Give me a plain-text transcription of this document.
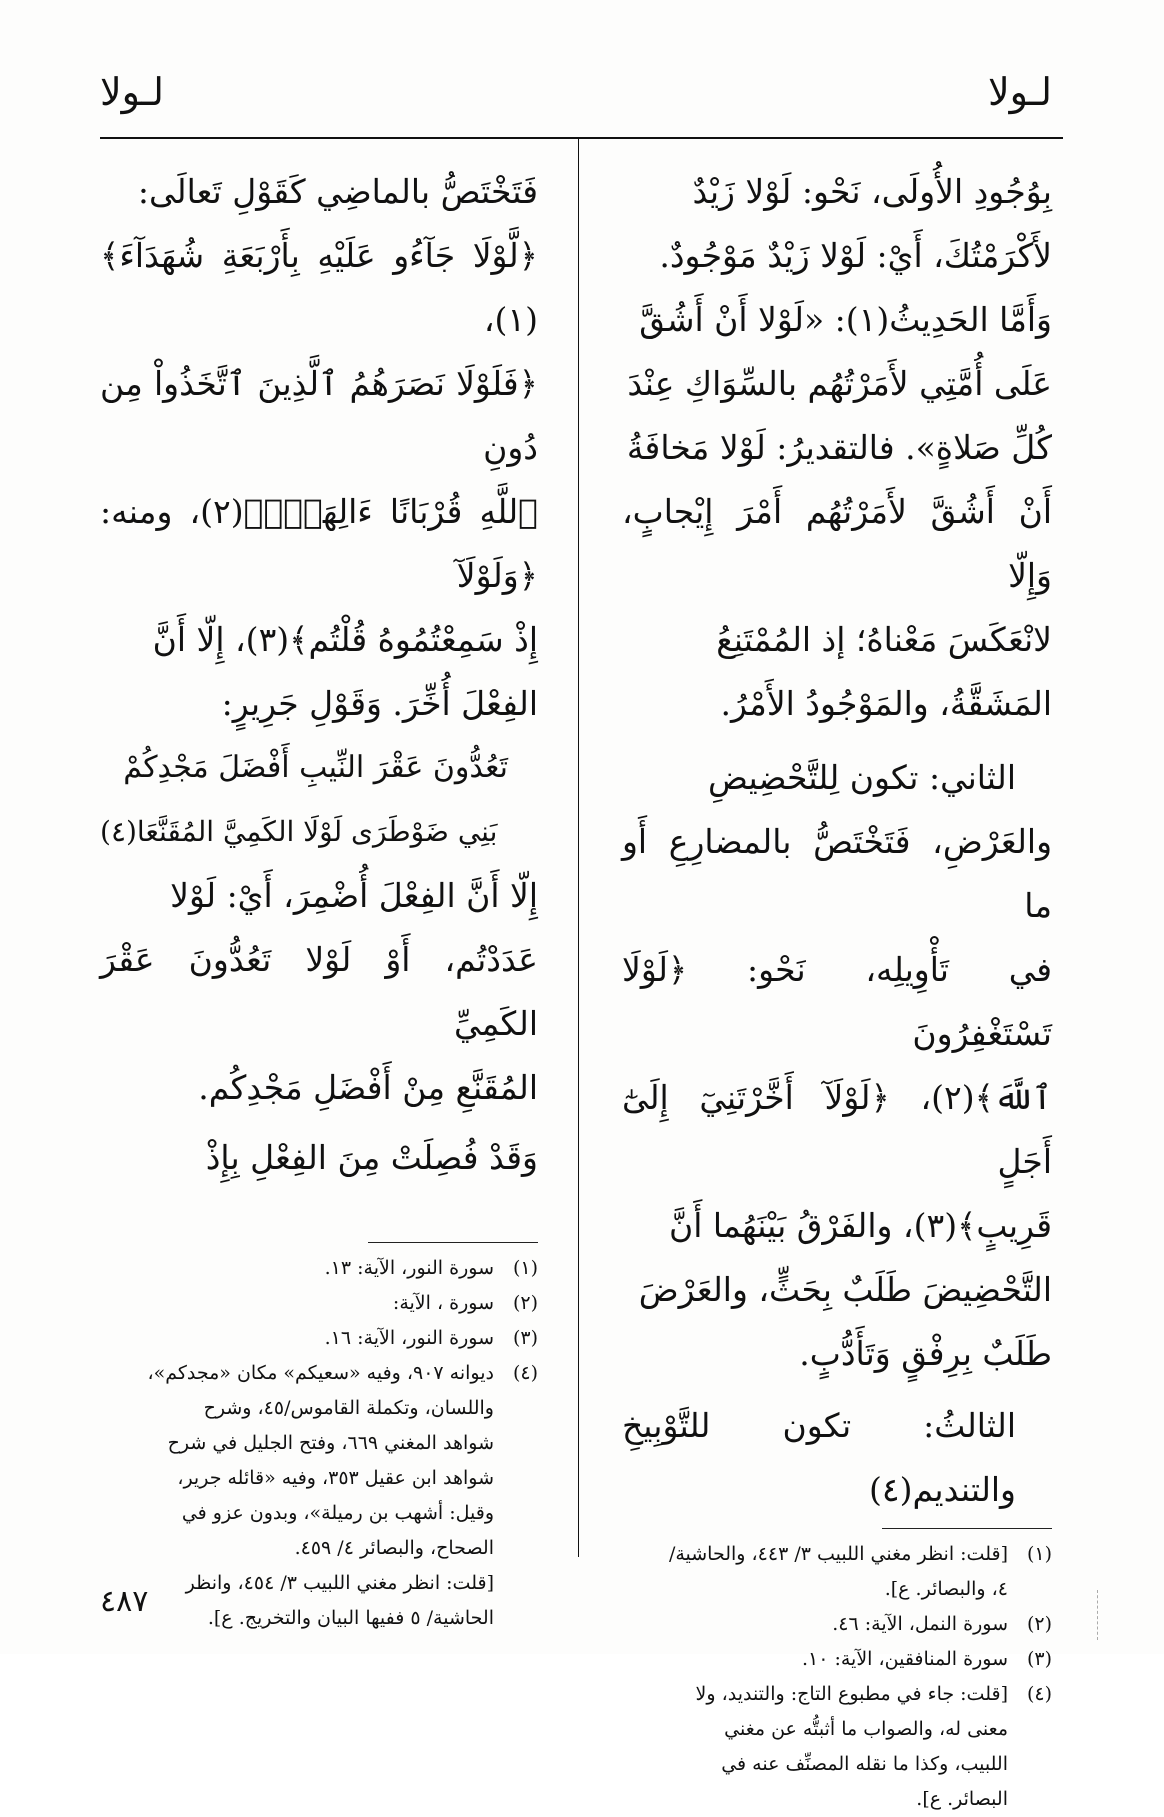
لـولا
لـولا

بِوُجُودِ الأُولَى، نَحْو: لَوْلا زَيْدٌ

لأَكْرَمْتُكَ، أَيْ: لَوْلا زَيْدٌ مَوْجُودٌ.

وَأَمَّا الحَدِيثُ(١): «لَوْلا أَنْ أَشُقَّ

عَلَى أُمَّتِي لأَمَرْتُهُم بالسِّوَاكِ عِنْدَ

كُلِّ صَلاةٍ». فالتقديرُ: لَوْلا مَخافَةُ

أَنْ أَشُقَّ لأَمَرْتُهُم أَمْرَ إِيْجابٍ، وَإِلّا

لانْعَكَسَ مَعْناهُ؛ إذ المُمْتَنِعُ

المَشَقَّةُ، والمَوْجُودُ الأَمْرُ.

الثاني: تكون لِلتَّحْضِيضِ

والعَرْضِ، فَتَخْتَصُّ بالمضارِعِ أَو ما

في تَأْوِيلِه، نَحْو: ﴿لَوْلَا تَسْتَغْفِرُونَ

ٱللَّهَ﴾(٢)، ﴿لَوْلَآ أَخَّرْتَنِيٓ إِلَىٰٓ أَجَلٍ

قَرِيبٍ﴾(٣)، والفَرْقُ بَيْنَهُما أَنَّ

التَّحْضِيضَ طَلَبٌ بِحَثٍّ، والعَرْضَ

طَلَبٌ بِرِفْقٍ وَتَأَدُّبٍ.

الثالثُ: تكون للتَّوْبِيخِ والتنديم(٤)

(١)
[قلت: انظر مغني اللبيب ٣/ ٤٤٣، والحاشية/
٤، والبصائر. ع].
(٢)
سورة النمل، الآية: ٤٦.
(٣)
سورة المنافقين، الآية: ١٠.
(٤)
[قلت: جاء في مطبوع التاج: والتنديد، ولا
معنى له، والصواب ما أثبتُّه عن مغني
اللبيب، وكذا ما نقله المصنِّف عنه في
البصائر. ع].

فَتَخْتَصُّ بالماضِي كَقَوْلِ تَعالَى:

﴿لَّوْلَا جَآءُو عَلَيْهِ بِأَرْبَعَةِ شُهَدَآءَ﴾(١)،

﴿فَلَوْلَا نَصَرَهُمُ ٱلَّذِينَ ٱتَّخَذُواْ مِن دُونِ

ٱللَّهِ قُرْبَانًا ءَالِهَةَۢ﴾(٢)، ومنه: ﴿وَلَوْلَآ

إِذْ سَمِعْتُمُوهُ قُلْتُم﴾(٣)، إِلّا أَنَّ

الفِعْلَ أُخِّرَ. وَقَوْلِ جَرِيرٍ:

تَعُدُّونَ عَقْرَ النِّيبِ أَفْضَلَ مَجْدِكُمْ

بَنِي ضَوْطَرَى لَوْلَا الكَمِيَّ المُقَنَّعَا(٤)

إِلّا أَنَّ الفِعْلَ أُضْمِرَ، أَيْ: لَوْلا

عَدَدْتُم، أَوْ لَوْلا تَعُدُّونَ عَقْرَ الكَمِيِّ

المُقَنَّعِ مِنْ أَفْضَلِ مَجْدِكُم.

وَقَدْ فُصِلَتْ مِنَ الفِعْلِ بِإِذْ

(١)
سورة النور، الآية: ١٣.
(٢)
سورة ، الآية:
(٣)
سورة النور، الآية: ١٦.
(٤)
ديوانه ٩٠٧، وفيه «سعيكم» مكان «مجدكم»،
واللسان، وتكملة القاموس/٤٥، وشرح
شواهد المغني ٦٦٩، وفتح الجليل في شرح
شواهد ابن عقيل ٣٥٣، وفيه «قائله جرير،
وقيل: أشهب بن رميلة»، وبدون عزو في
الصحاح، والبصائر ٤/ ٤٥٩.
[قلت: انظر مغني اللبيب ٣/ ٤٥٤، وانظر
الحاشية/ ٥ ففيها البيان والتخريج. ع].
٤٨٧
